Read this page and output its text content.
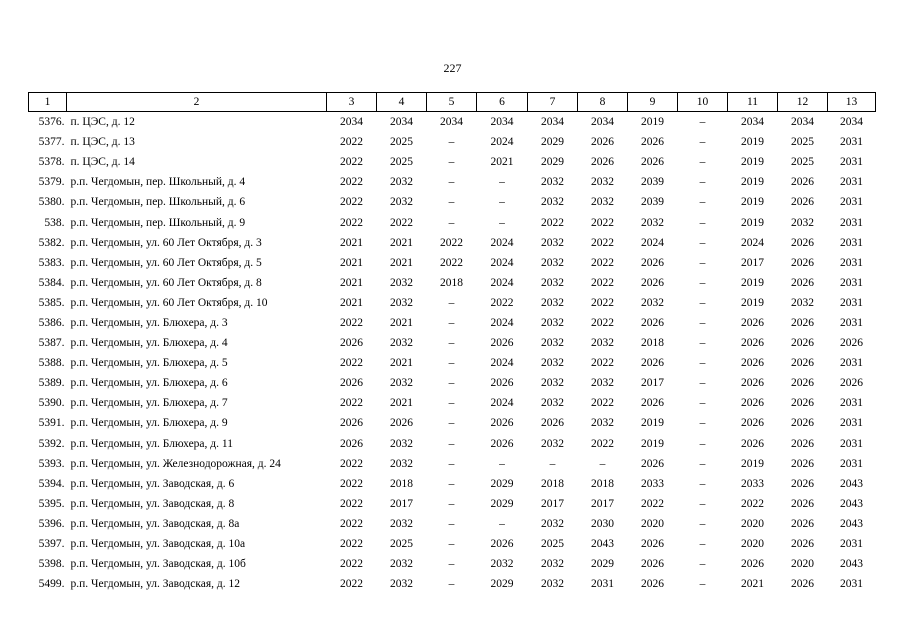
227
1	2	3	4	5	6	7	8	9	10	11	12	13
5376.	п. ЦЭС, д. 12	2034	2034	2034	2034	2034	2034	2019	–	2034	2034	2034
5377.	п. ЦЭС, д. 13	2022	2025	–	2024	2029	2026	2026	–	2019	2025	2031
5378.	п. ЦЭС, д. 14	2022	2025	–	2021	2029	2026	2026	–	2019	2025	2031
5379.	р.п. Чегдомын, пер. Школьный, д. 4	2022	2032	–	–	2032	2032	2039	–	2019	2026	2031
5380.	р.п. Чегдомын, пер. Школьный, д. 6	2022	2032	–	–	2032	2032	2039	–	2019	2026	2031
538.	р.п. Чегдомын, пер. Школьный, д. 9	2022	2022	–	–	2022	2022	2032	–	2019	2032	2031
5382.	р.п. Чегдомын, ул. 60 Лет Октября, д. 3	2021	2021	2022	2024	2032	2022	2024	–	2024	2026	2031
5383.	р.п. Чегдомын, ул. 60 Лет Октября, д. 5	2021	2021	2022	2024	2032	2022	2026	–	2017	2026	2031
5384.	р.п. Чегдомын, ул. 60 Лет Октября, д. 8	2021	2032	2018	2024	2032	2022	2026	–	2019	2026	2031
5385.	р.п. Чегдомын, ул. 60 Лет Октября, д. 10	2021	2032	–	2022	2032	2022	2032	–	2019	2032	2031
5386.	р.п. Чегдомын, ул. Блюхера, д. 3	2022	2021	–	2024	2032	2022	2026	–	2026	2026	2031
5387.	р.п. Чегдомын, ул. Блюхера, д. 4	2026	2032	–	2026	2032	2032	2018	–	2026	2026	2026
5388.	р.п. Чегдомын, ул. Блюхера, д. 5	2022	2021	–	2024	2032	2022	2026	–	2026	2026	2031
5389.	р.п. Чегдомын, ул. Блюхера, д. 6	2026	2032	–	2026	2032	2032	2017	–	2026	2026	2026
5390.	р.п. Чегдомын, ул. Блюхера, д. 7	2022	2021	–	2024	2032	2022	2026	–	2026	2026	2031
5391.	р.п. Чегдомын, ул. Блюхера, д. 9	2026	2026	–	2026	2026	2032	2019	–	2026	2026	2031
5392.	р.п. Чегдомын, ул. Блюхера, д. 11	2026	2032	–	2026	2032	2022	2019	–	2026	2026	2031
5393.	р.п. Чегдомын, ул. Железнодорожная, д. 24	2022	2032	–	–	–	–	2026	–	2019	2026	2031
5394.	р.п. Чегдомын, ул. Заводская, д. 6	2022	2018	–	2029	2018	2018	2033	–	2033	2026	2043
5395.	р.п. Чегдомын, ул. Заводская, д. 8	2022	2017	–	2029	2017	2017	2022	–	2022	2026	2043
5396.	р.п. Чегдомын, ул. Заводская, д. 8а	2022	2032	–	–	2032	2030	2020	–	2020	2026	2043
5397.	р.п. Чегдомын, ул. Заводская, д. 10а	2022	2025	–	2026	2025	2043	2026	–	2020	2026	2031
5398.	р.п. Чегдомын, ул. Заводская, д. 10б	2022	2032	–	2032	2032	2029	2026	–	2026	2020	2043
5499.	р.п. Чегдомын, ул. Заводская, д. 12	2022	2032	–	2029	2032	2031	2026	–	2021	2026	2031
